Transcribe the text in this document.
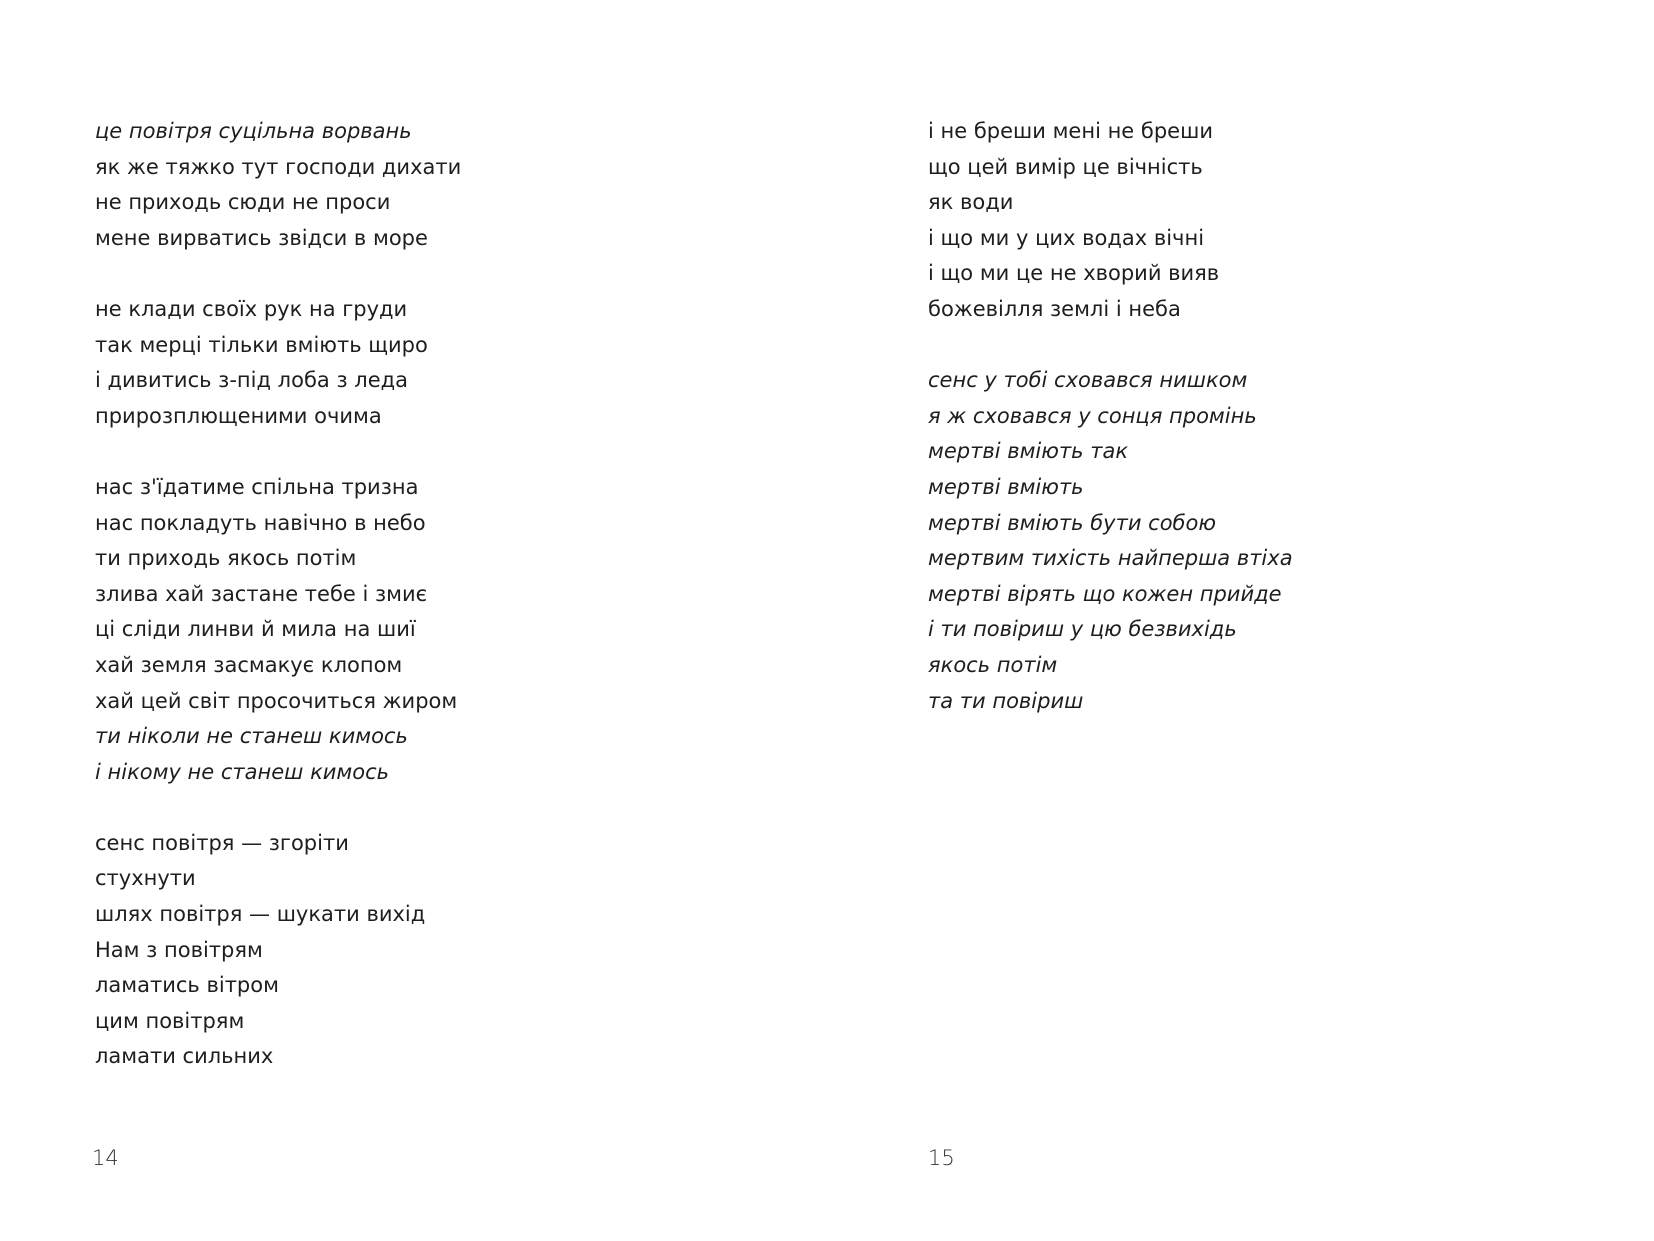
це повітря суцільна ворвань
як же тяжко тут господи дихати
не приходь сюди не проси
мене вирватись звідси в море
не клади своїх рук на груди
так мерці тільки вміють щиро
і дивитись з-під лоба з леда
прирозплющеними очима
нас з'їдатиме спільна тризна
нас покладуть навічно в небо
ти приходь якось потім
злива хай застане тебе і змиє
ці сліди линви й мила на шиї
хай земля засмакує клопом
хай цей світ просочиться жиром
ти ніколи не станеш кимось
і нікому не станеш кимось
сенс повітря — згоріти
стухнути
шлях повітря — шукати вихід
Нам з повітрям
ламатись вітром
цим повітрям
ламати сильних
14
і не бреши мені не бреши
що цей вимір це вічність
як води
і що ми у цих водах вічні
і що ми це не хворий вияв
божевілля землі і неба
сенс у тобі сховався нишком
я ж сховався у сонця промінь
мертві вміють так
мертві вміють
мертві вміють бути собою
мертвим тихість найперша втіха
мертві вірять що кожен прийде
і ти повіриш у цю безвихідь
якось потім
та ти повіриш
15
